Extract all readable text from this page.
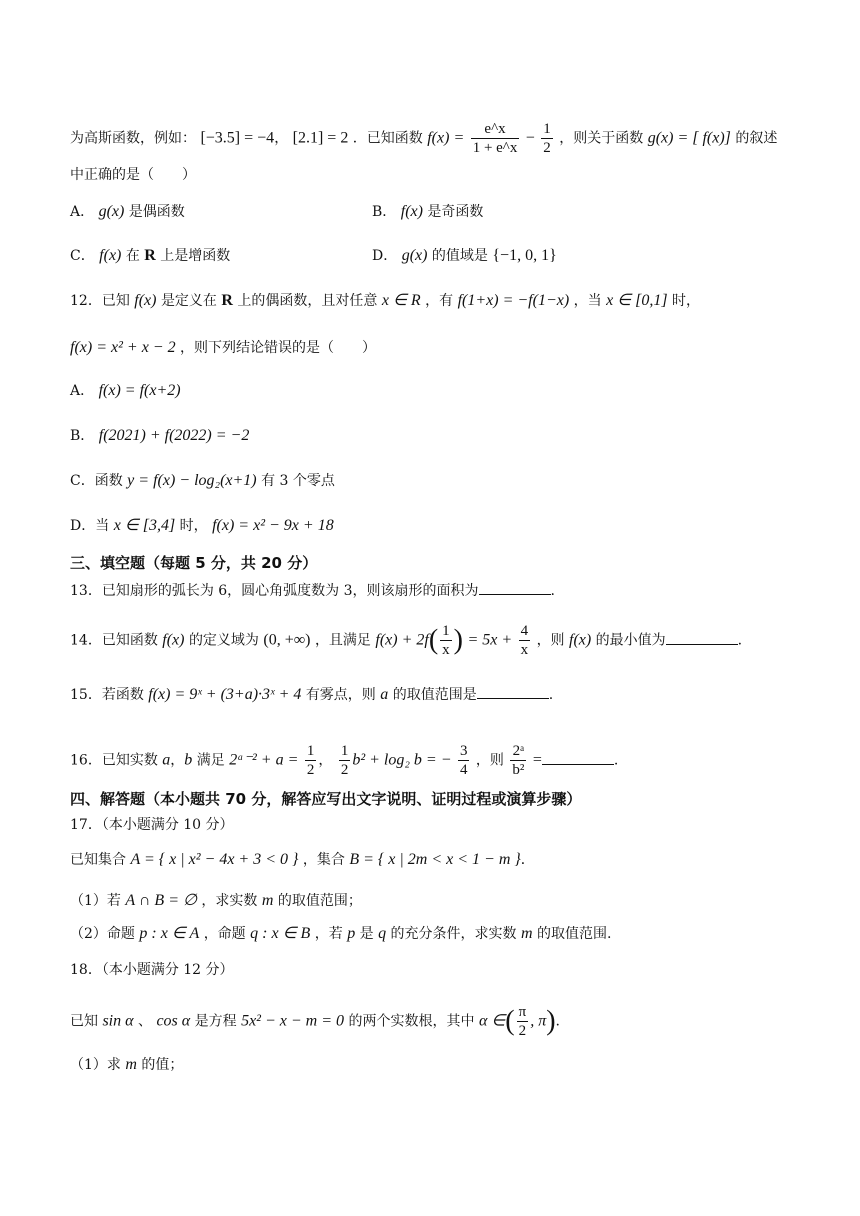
为高斯函数，例如： [−3.5] = −4， [2.1] = 2 ．已知函数 $f(x) = \frac{e\^{}x}{1 + e\^{}x} - \frac{1}{2}$ ，则关于函数 g(x) = [ f(x)] 的叙述
中正确的是（　　）
A． g(x) 是偶函数	B． f(x) 是奇函数
C． f(x) 在 R 上是增函数	D． g(x) 的值域是 {−1, 0, 1}
12．已知 f(x) 是定义在 R 上的偶函数，且对任意 x ∈ R ，有 f(1+x) = −f(1−x) ，当 x ∈ [0,1] 时，
f(x) = x² + x − 2 ，则下列结论错误的是（　　）
A． f(x) = f(x+2)
B． f(2021) + f(2022) = −2
C．函数 y = f(x) − log₂(x+1) 有 3 个零点
D．当 x ∈ [3,4] 时， f(x) = x² − 9x + 18
三、填空题（每题 5 分，共 20 分）
13．已知扇形的弧长为 6，圆心角弧度数为 3，则该扇形的面积为	.
14．已知函数 f(x) 的定义域为 (0, +∞) ，且满足 $f(x) + 2f( \frac{1}{x}$ ) = $5x + \frac{4}{x}$ ，则 f(x) 的最小值为	.
15．若函数 f(x) = 9ˣ + (3+a)·3ˣ + 4 有雾点，则 a 的取值范围是	.
16．已知实数 a，b 满足 2ᵃ⁻² + $a = \frac{1}{2}$ ， $\frac{1}{2} b^2 + \log_2$ b = − $\frac{3}{4}$ ，则 $\frac{\text{2ᵃ}}{\text{b²}}$ =	.
四、解答题（本小题共 70 分，解答应写出文字说明、证明过程或演算步骤）
17．（本小题满分 10 分）
已知集合 A = { x | x² − 4x + 3 < 0 } ，集合 B = { x | 2m < x < 1 − m }．
（1）若 A ∩ B = ∅ ，求实数 m 的取值范围；
（2）命题 p : x ∈ A ，命题 q : x ∈ B ，若 p 是 q 的充分条件，求实数 m 的取值范围.
18．（本小题满分 12 分）
已知 sin α 、 cos α 是方程 5x² − x − m = 0 的两个实数根，其中 α ∈( $\frac{\pi}{2}$ , π).
（1）求 m 的值；
